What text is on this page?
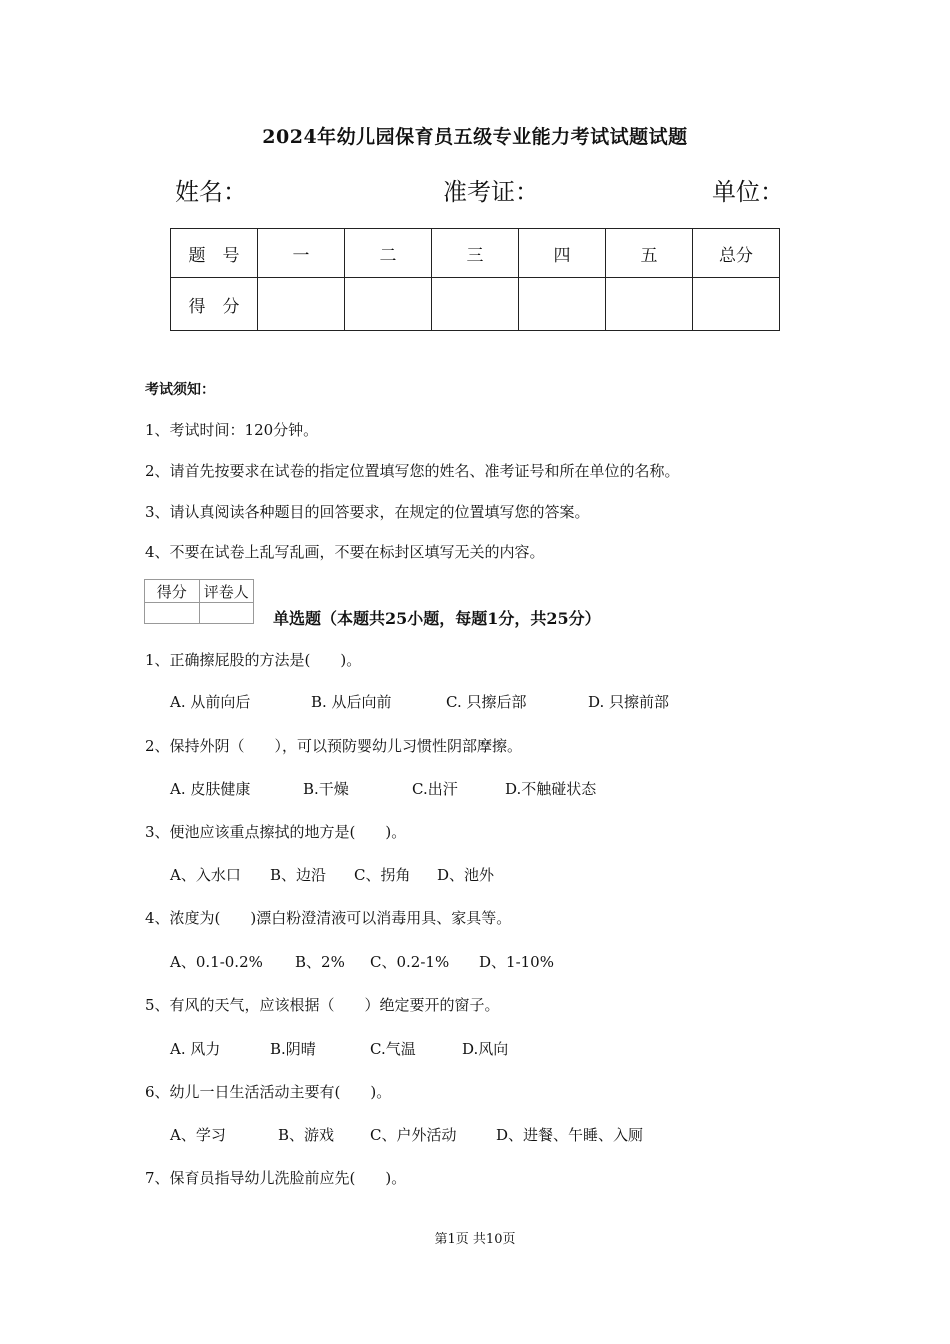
2024年幼儿园保育员五级专业能力考试试题试题
姓名：	准考证：	单位：
题　号	一	二	三	四	五	总分
得　分						
考试须知：
1、考试时间：120分钟。
2、请首先按要求在试卷的指定位置填写您的姓名、准考证号和所在单位的名称。
3、请认真阅读各种题目的回答要求，在规定的位置填写您的答案。
4、不要在试卷上乱写乱画，不要在标封区填写无关的内容。
得分	评卷人

单选题（本题共25小题，每题1分，共25分）
1、正确擦屁股的方法是(　　)。
A. 从前向后	B. 从后向前	C. 只擦后部	D. 只擦前部
2、保持外阴（　　），可以预防婴幼儿习惯性阴部摩擦。
A. 皮肤健康	B.干燥	C.出汗	D.不触碰状态
3、便池应该重点擦拭的地方是(　　)。
A、入水口 B、边沿 C、拐角 D、池外
4、浓度为(　　)漂白粉澄清液可以消毒用具、家具等。
A、0.1-0.2% B、2% C、0.2-1% D、1-10%
5、有风的天气，应该根据（　　）绝定要开的窗子。
A. 风力	B.阴晴	C.气温	D.风向
6、幼儿一日生活活动主要有(　　)。
A、学习	B、游戏 C、户外活动	D、进餐、午睡、入厕
7、保育员指导幼儿洗脸前应先(　　)。
第1页 共10页
